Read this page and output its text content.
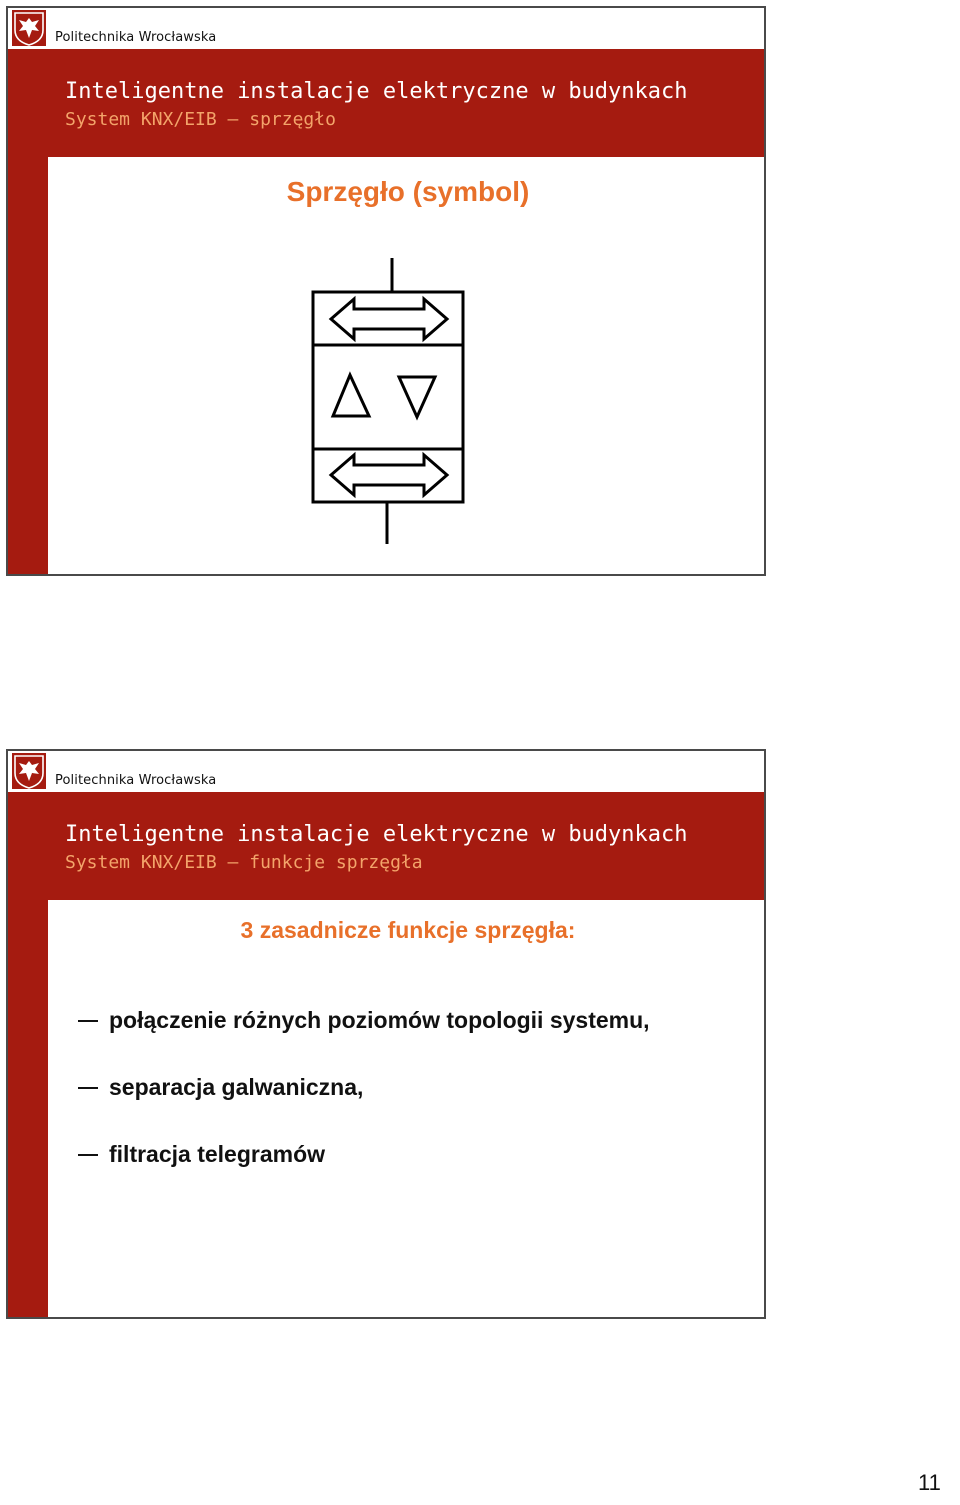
Politechnika Wrocławska
Inteligentne instalacje elektryczne w budynkach
System KNX/EIB – sprzęgło
Sprzęgło (symbol)
Politechnika Wrocławska
Inteligentne instalacje elektryczne w budynkach
System KNX/EIB – funkcje sprzęgła
3 zasadnicze funkcje sprzęgła:
połączenie różnych poziomów topologii systemu,
separacja galwaniczna,
filtracja telegramów
11
